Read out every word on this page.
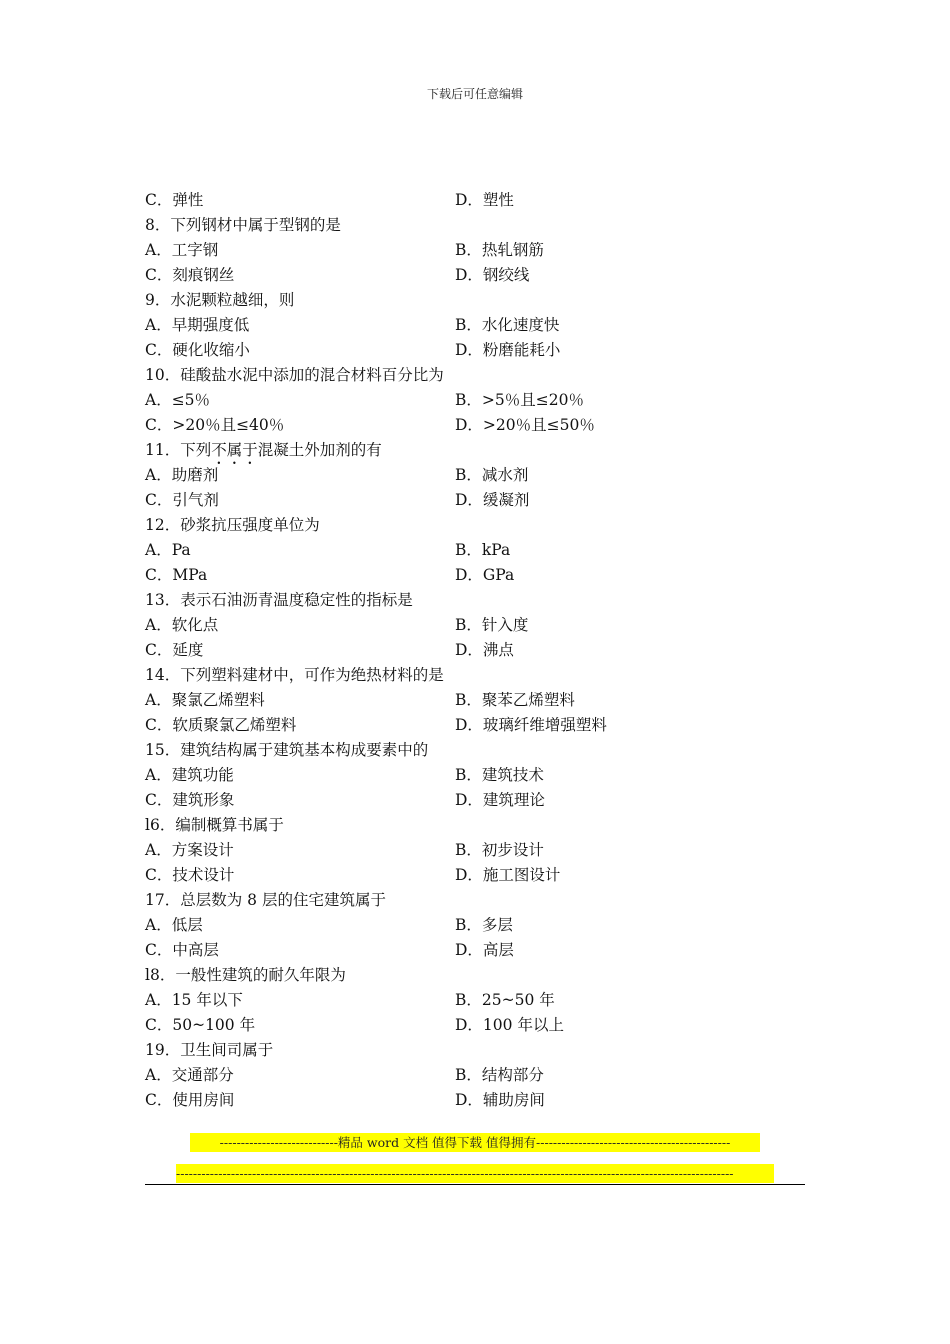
下载后可任意编辑
C．弹性	D．塑性
8．下列钢材中属于型钢的是
A．工字钢	B．热轧钢筋
C．刻痕钢丝	D．钢绞线
9．水泥颗粒越细，则
A．早期强度低	B．水化速度快
C．硬化收缩小	D．粉磨能耗小
10．硅酸盐水泥中添加的混合材料百分比为
A．≤5％	B．>5％且≤20％
C．>20％且≤40％	D．>20％且≤50％
11．下列不属于混凝土外加剂的有
A．助磨剂	B．减水剂
C．引气剂	D．缓凝剂
12．砂浆抗压强度单位为
A．Pa	B．kPa
C．MPa	D．GPa
13．表示石油沥青温度稳定性的指标是
A．软化点	B．针入度
C．延度	D．沸点
14．下列塑料建材中，可作为绝热材料的是
A．聚氯乙烯塑料	B．聚苯乙烯塑料
C．软质聚氯乙烯塑料	D．玻璃纤维增强塑料
15．建筑结构属于建筑基本构成要素中的
A．建筑功能	B．建筑技术
C．建筑形象	D．建筑理论
l6．编制概算书属于
A．方案设计	B．初步设计
C．技术设计	D．施工图设计
17．总层数为 8 层的住宅建筑属于
A．低层	B．多层
C．中高层	D．高层
l8．一般性建筑的耐久年限为
A．15 年以下	B．25~50 年
C．50~100 年	D．100 年以上
19．卫生间司属于
A．交通部分	B．结构部分
C．使用房间	D．辅助房间
----------------------------精品 word 文档 值得下载 值得拥有----------------------------------------------
------------------------------------------------------------------------------------------------------------------------------------
